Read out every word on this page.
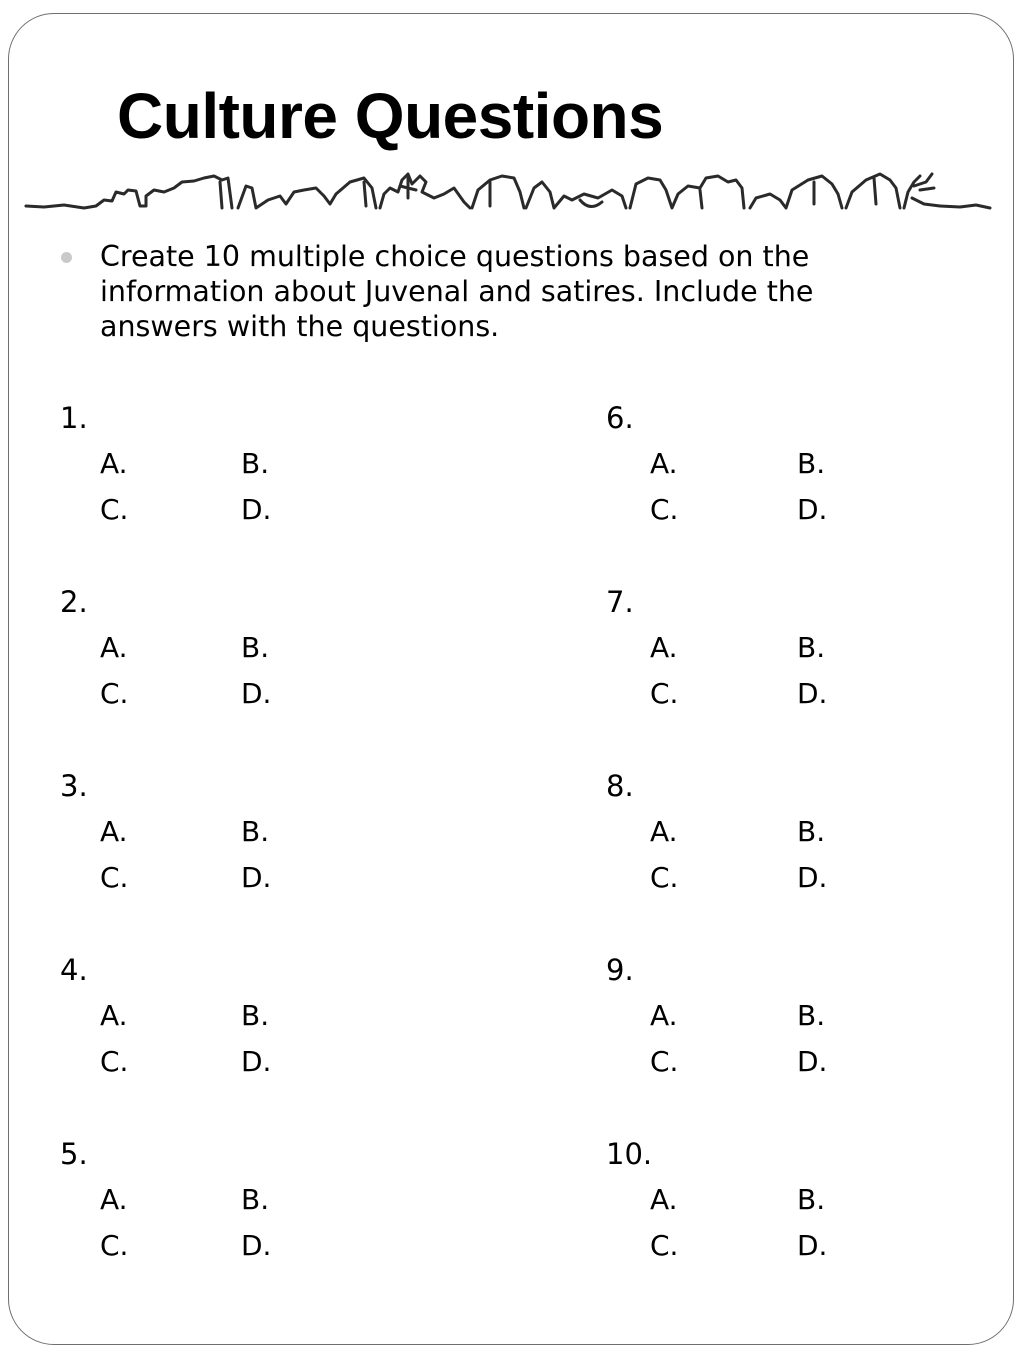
Culture Questions
Create 10 multiple choice questions based on the information about Juvenal and satires. Include the answers with the questions.
1.
A.	B.
C.	D.
2.
A.	B.
C.	D.
3.
A.	B.
C.	D.
4.
A.	B.
C.	D.
5.
A.	B.
C.	D.
6.
A.	B.
C.	D.
7.
A.	B.
C.	D.
8.
A.	B.
C.	D.
9.
A.	B.
C.	D.
10.
A.	B.
C.	D.
